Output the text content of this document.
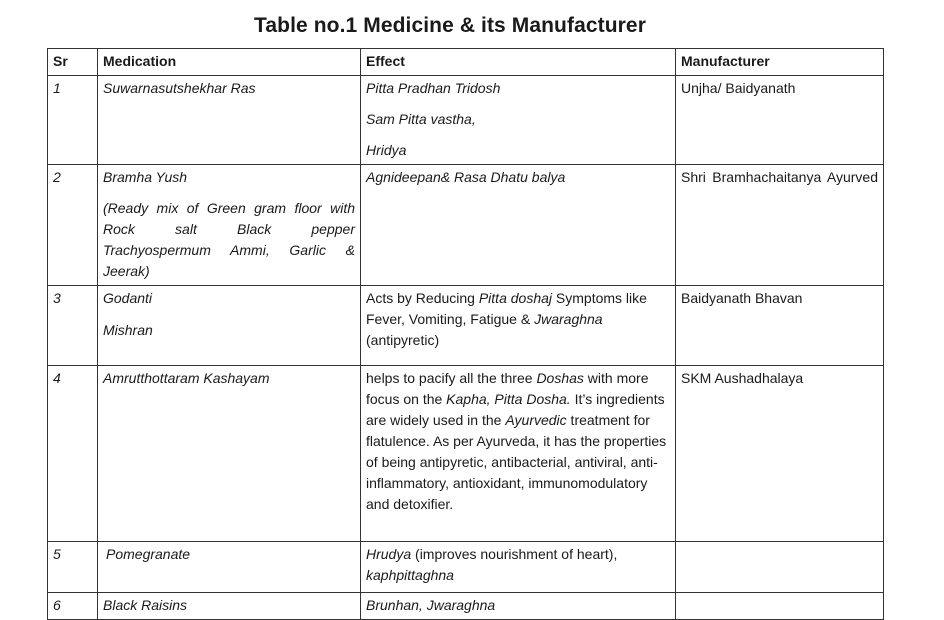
Table no.1 Medicine & its Manufacturer
Sr	Medication	Effect	Manufacturer
1	Suwarnasutshekhar Ras	Pitta Pradhan Tridosh

Sam Pitta vastha,

Hridya	Unjha/ Baidyanath
2	Bramha Yush

(Ready mix of Green gram floor with Rock salt Black pepper Trachyospermum Ammi, Garlic & Jeerak)	Agnideepan& Rasa Dhatu balya	Shri Bramhachaitanya Ayurved
3	Godanti

Mishran	Acts by Reducing Pitta doshaj Symptoms like Fever, Vomiting, Fatigue & Jwaraghna (antipyretic)	Baidyanath Bhavan
4	Amrutthottaram Kashayam	helps to pacify all the three Doshas with more focus on the Kapha, Pitta Dosha. It’s ingredients are widely used in the Ayurvedic treatment for flatulence. As per Ayurveda, it has the properties of being antipyretic, antibacterial, antiviral, anti-inflammatory, antioxidant, immunomodulatory and detoxifier.	SKM Aushadhalaya
5	Pomegranate	Hrudya (improves nourishment of heart), kaphpittaghna	
6	Black Raisins	Brunhan, Jwaraghna	
